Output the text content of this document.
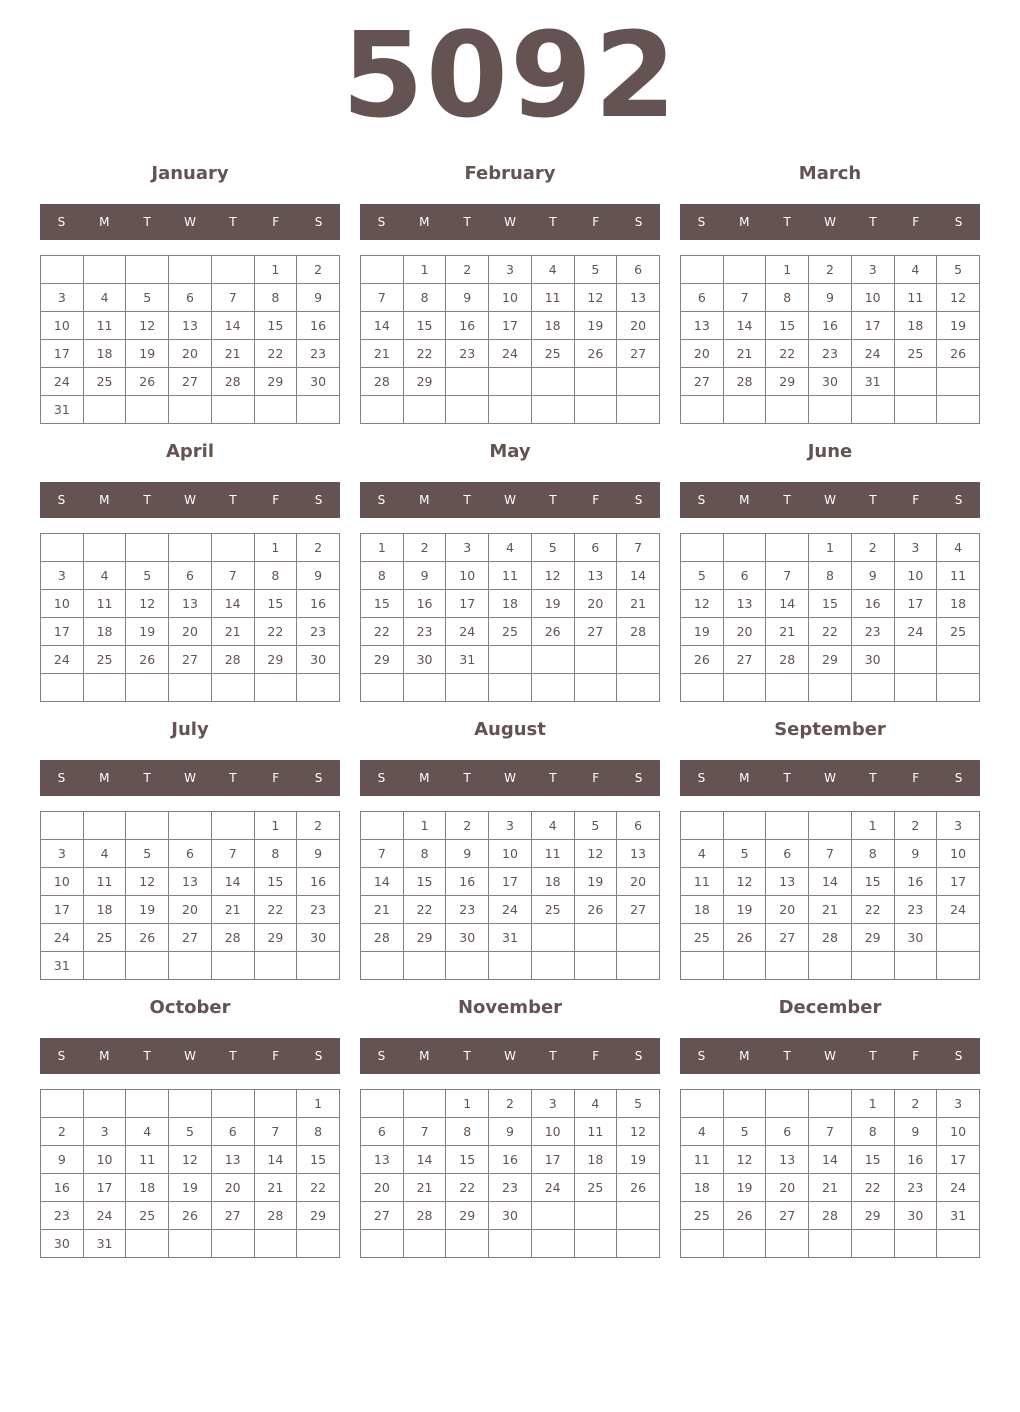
5092
January
S	M	T	W	T	F	S
					1	2
3	4	5	6	7	8	9
10	11	12	13	14	15	16
17	18	19	20	21	22	23
24	25	26	27	28	29	30
31						
February
S	M	T	W	T	F	S
	1	2	3	4	5	6
7	8	9	10	11	12	13
14	15	16	17	18	19	20
21	22	23	24	25	26	27
28	29					

March
S	M	T	W	T	F	S
		1	2	3	4	5
6	7	8	9	10	11	12
13	14	15	16	17	18	19
20	21	22	23	24	25	26
27	28	29	30	31		

April
S	M	T	W	T	F	S
					1	2
3	4	5	6	7	8	9
10	11	12	13	14	15	16
17	18	19	20	21	22	23
24	25	26	27	28	29	30

May
S	M	T	W	T	F	S
1	2	3	4	5	6	7
8	9	10	11	12	13	14
15	16	17	18	19	20	21
22	23	24	25	26	27	28
29	30	31				

June
S	M	T	W	T	F	S
			1	2	3	4
5	6	7	8	9	10	11
12	13	14	15	16	17	18
19	20	21	22	23	24	25
26	27	28	29	30		

July
S	M	T	W	T	F	S
					1	2
3	4	5	6	7	8	9
10	11	12	13	14	15	16
17	18	19	20	21	22	23
24	25	26	27	28	29	30
31						
August
S	M	T	W	T	F	S
	1	2	3	4	5	6
7	8	9	10	11	12	13
14	15	16	17	18	19	20
21	22	23	24	25	26	27
28	29	30	31			

September
S	M	T	W	T	F	S
				1	2	3
4	5	6	7	8	9	10
11	12	13	14	15	16	17
18	19	20	21	22	23	24
25	26	27	28	29	30	

October
S	M	T	W	T	F	S
						1
2	3	4	5	6	7	8
9	10	11	12	13	14	15
16	17	18	19	20	21	22
23	24	25	26	27	28	29
30	31					
November
S	M	T	W	T	F	S
		1	2	3	4	5
6	7	8	9	10	11	12
13	14	15	16	17	18	19
20	21	22	23	24	25	26
27	28	29	30			

December
S	M	T	W	T	F	S
				1	2	3
4	5	6	7	8	9	10
11	12	13	14	15	16	17
18	19	20	21	22	23	24
25	26	27	28	29	30	31
